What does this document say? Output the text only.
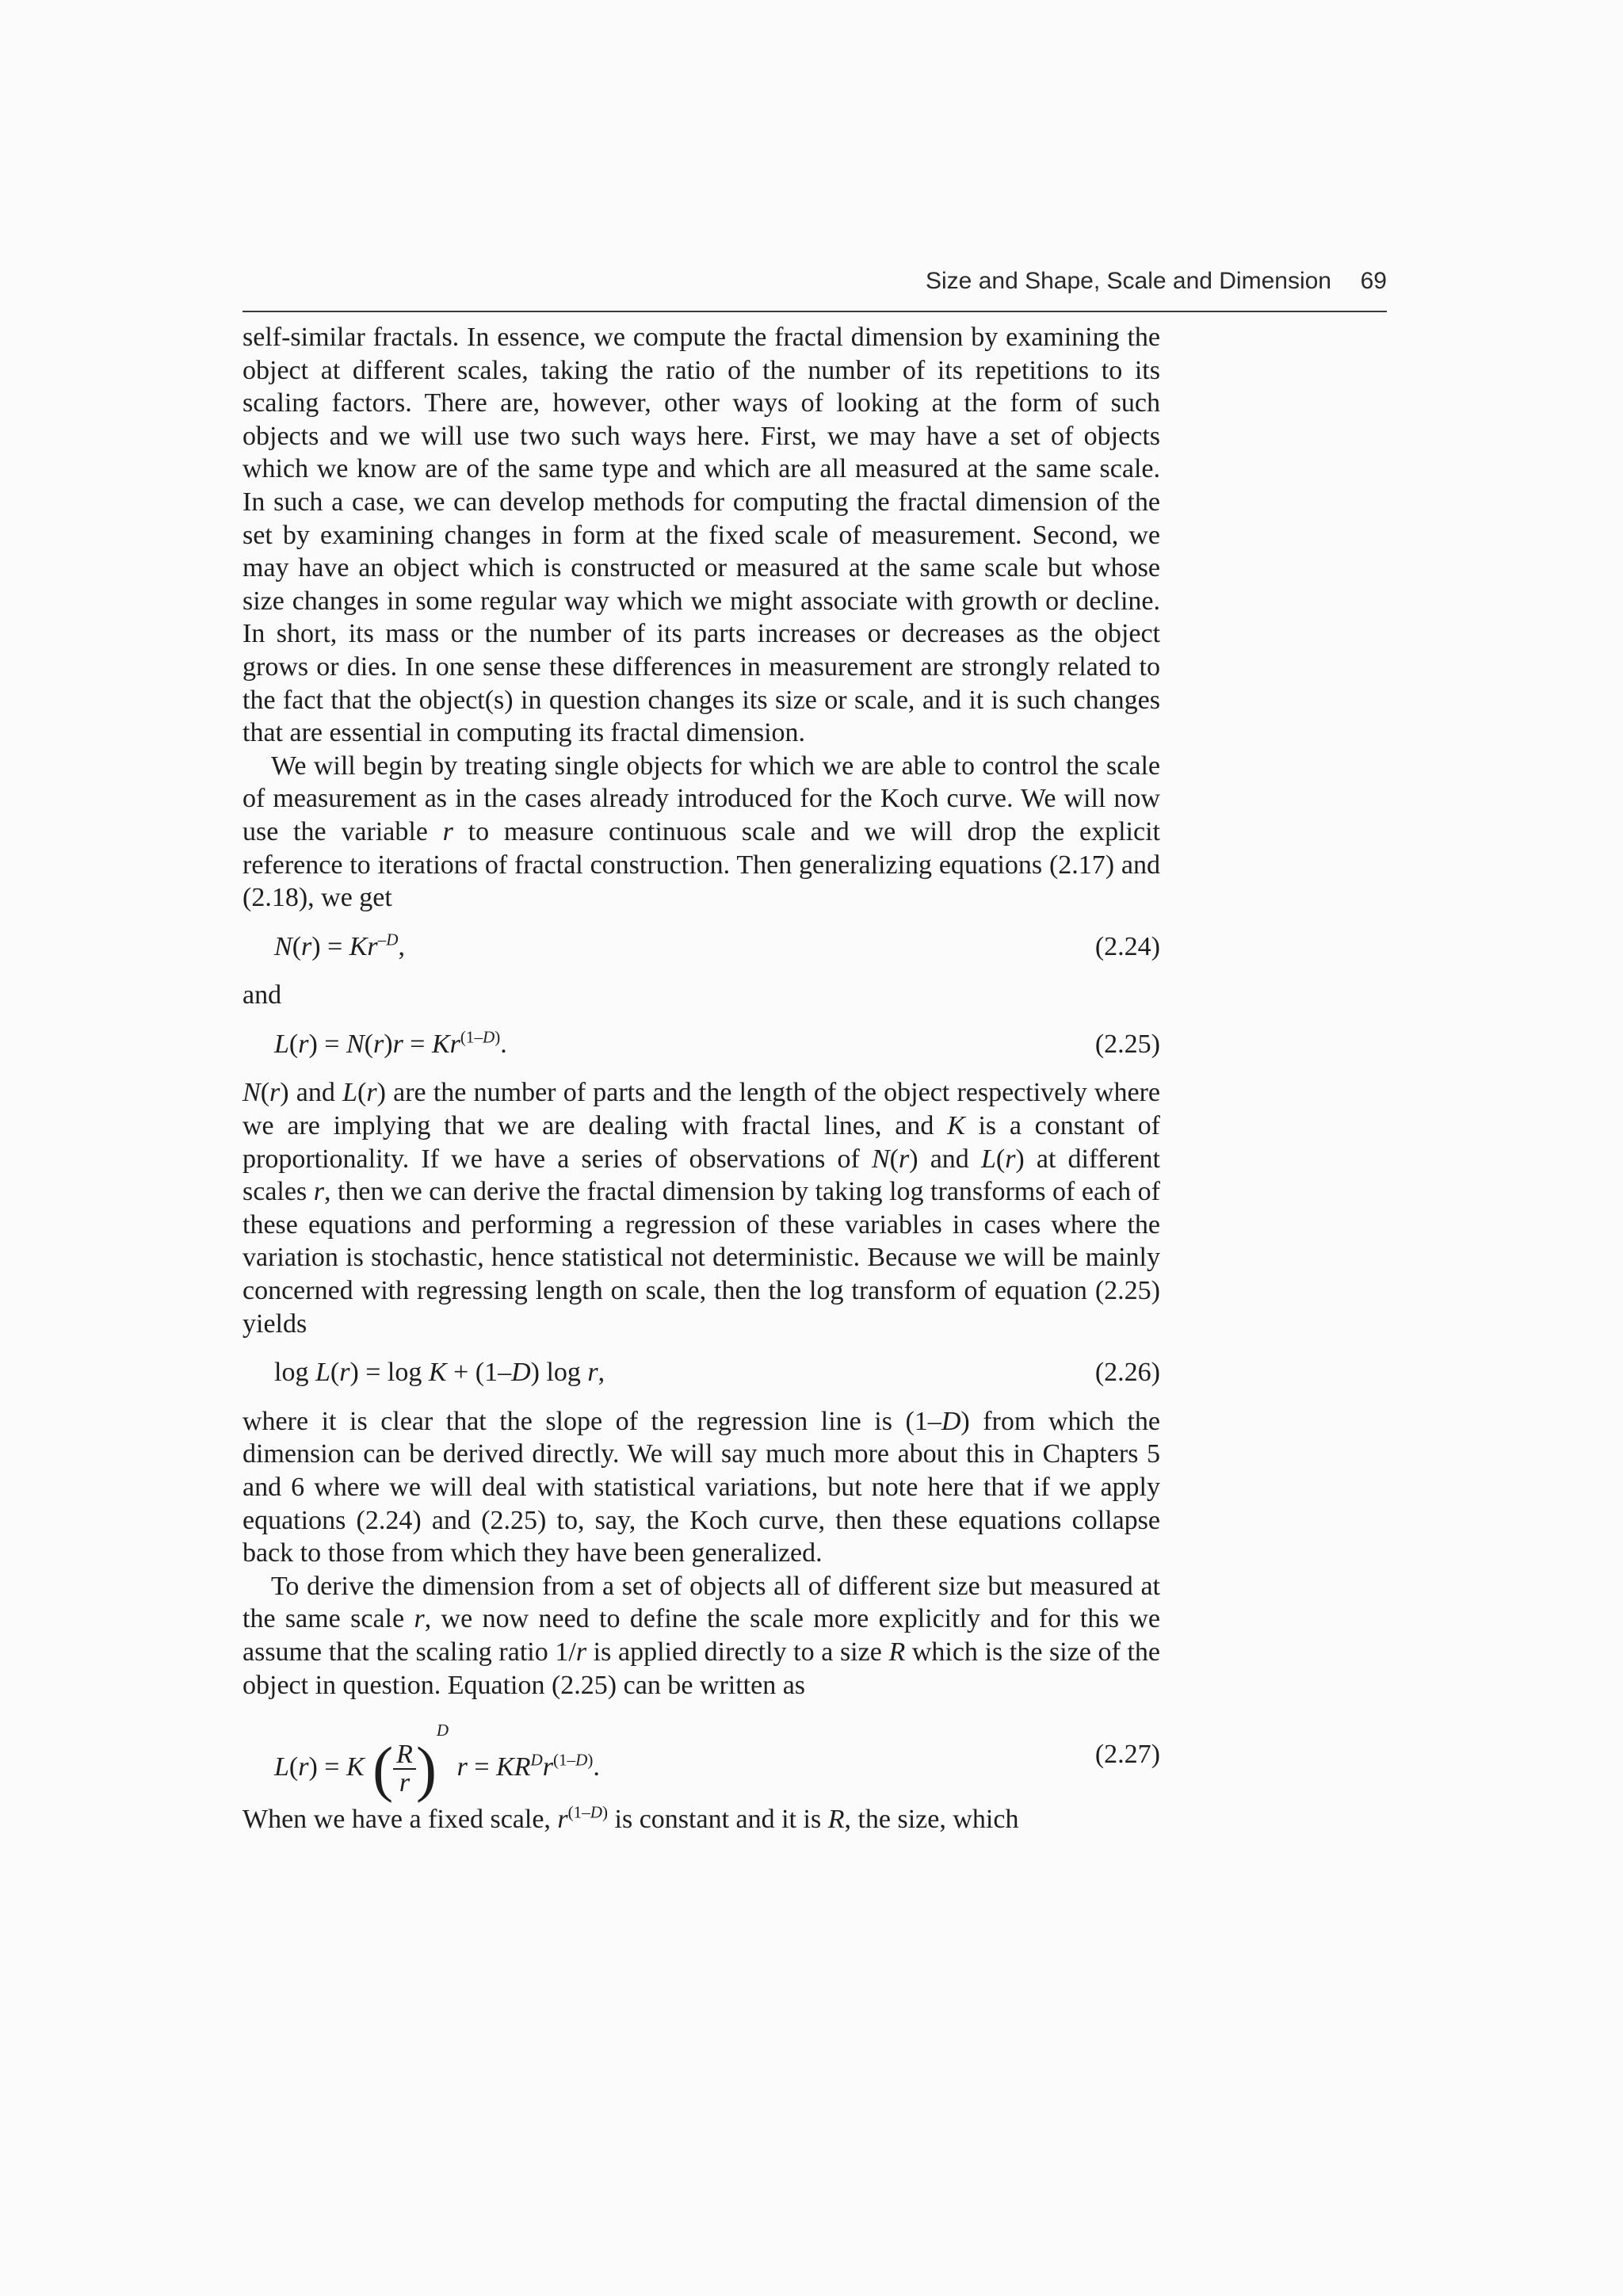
Size and Shape, Scale and Dimension 69

self-similar fractals. In essence, we compute the fractal dimension by examining the object at different scales, taking the ratio of the number of its repetitions to its scaling factors. There are, however, other ways of looking at the form of such objects and we will use two such ways here. First, we may have a set of objects which we know are of the same type and which are all measured at the same scale. In such a case, we can develop methods for computing the fractal dimension of the set by examining changes in form at the fixed scale of measurement. Second, we may have an object which is constructed or measured at the same scale but whose size changes in some regular way which we might associate with growth or decline. In short, its mass or the number of its parts increases or decreases as the object grows or dies. In one sense these differences in measurement are strongly related to the fact that the object(s) in question changes its size or scale, and it is such changes that are essential in computing its fractal dimension.

We will begin by treating single objects for which we are able to control the scale of measurement as in the cases already introduced for the Koch curve. We will now use the variable r to measure continuous scale and we will drop the explicit reference to iterations of fractal construction. Then generalizing equations (2.17) and (2.18), we get

$N(r) = Kr^{-D}$,	(2.24)

and

$L(r) = N(r)r = Kr^{(1-D)}$.	(2.25)

N(r) and L(r) are the number of parts and the length of the object respectively where we are implying that we are dealing with fractal lines, and K is a constant of proportionality. If we have a series of observations of N(r) and L(r) at different scales r, then we can derive the fractal dimension by taking log transforms of each of these equations and performing a regression of these variables in cases where the variation is stochastic, hence statistical not deterministic. Because we will be mainly concerned with regressing length on scale, then the log transform of equation (2.25) yields

log L(r) = log K + (1–D) log r,	(2.26)

where it is clear that the slope of the regression line is (1–D) from which the dimension can be derived directly. We will say much more about this in Chapters 5 and 6 where we will deal with statistical variations, but note here that if we apply equations (2.24) and (2.25) to, say, the Koch curve, then these equations collapse back to those from which they have been generalized.

To derive the dimension from a set of objects all of different size but measured at the same scale r, we now need to define the scale more explicitly and for this we assume that the scaling ratio 1/r is applied directly to a size R which is the size of the object in question. Equation (2.25) can be written as

L(r) = K ( $\frac{R}{r} )^D$ $r = KR^Dr^{(1-D)}$.	(2.27)

When we have a fixed scale, $r^{(1-D)}$ is constant and it is R, the size, which
